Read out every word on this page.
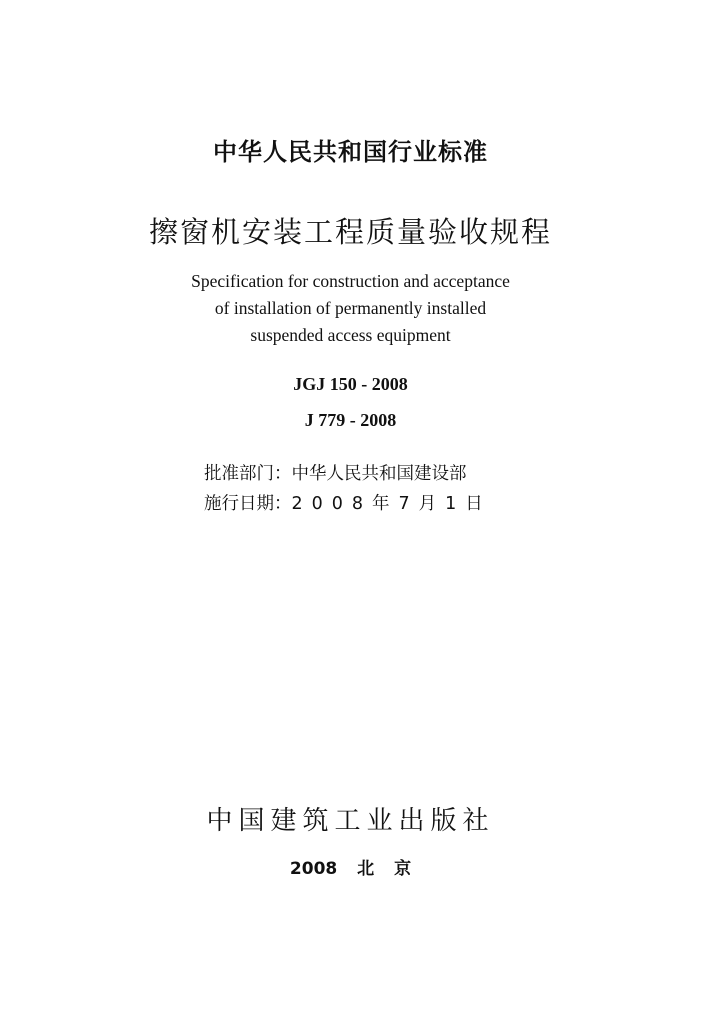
中华人民共和国行业标准
擦窗机安装工程质量验收规程
Specification for construction and acceptance
of installation of permanently installed
suspended access equipment
JGJ 150 - 2008
J 779 - 2008
批准部门：中华人民共和国建设部
施行日期：2008年7月1日
中国建筑工业出版社
2008 北 京
